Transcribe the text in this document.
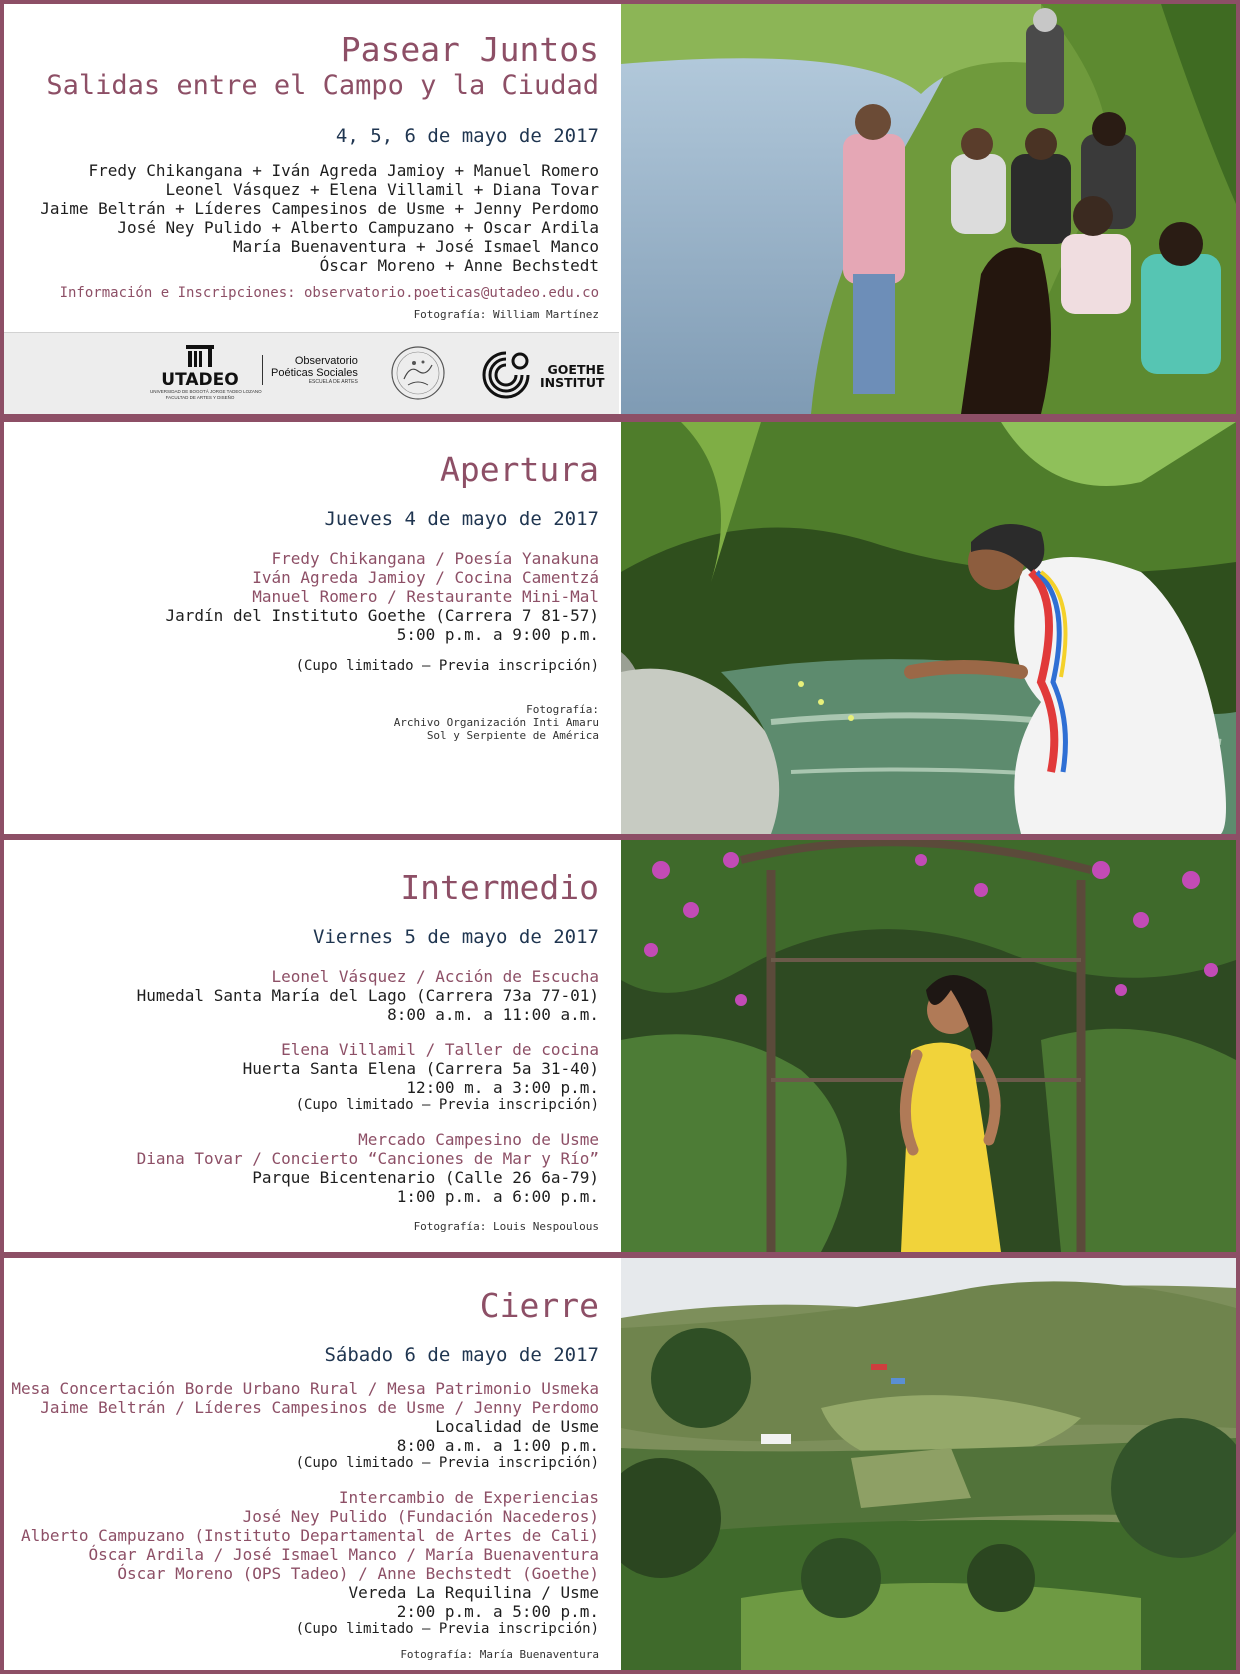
Pasear Juntos
Salidas entre el Campo y la Ciudad
4, 5, 6 de mayo de 2017
Fredy Chikangana + Iván Agreda Jamioy + Manuel Romero
Leonel Vásquez + Elena Villamil + Diana Tovar
Jaime Beltrán + Líderes Campesinos de Usme + Jenny Perdomo
José Ney Pulido + Alberto Campuzano + Oscar Ardila
María Buenaventura + José Ismael Manco
Óscar Moreno + Anne Bechstedt
Información e Inscripciones: observatorio.poeticas@utadeo.edu.co
Fotografía: William Martínez
UTADEO
UNIVERSIDAD DE BOGOTÁ JORGE TADEO LOZANO
FACULTAD DE ARTES Y DISEÑO
Observatorio
Poéticas Sociales
ESCUELA DE ARTES
GOETHE
INSTITUT
Apertura
Jueves 4 de mayo de 2017
Fredy Chikangana / Poesía Yanakuna
Iván Agreda Jamioy / Cocina Camentzá
Manuel Romero / Restaurante Mini-Mal
Jardín del Instituto Goethe (Carrera 7 81-57)
5:00 p.m. a 9:00 p.m.
(Cupo limitado – Previa inscripción)
Fotografía:
Archivo Organización Inti Amaru
Sol y Serpiente de América
Intermedio
Viernes 5 de mayo de 2017
Leonel Vásquez / Acción de Escucha
Humedal Santa María del Lago (Carrera 73a 77-01)
8:00 a.m. a 11:00 a.m.
Elena Villamil / Taller de cocina
Huerta Santa Elena (Carrera 5a 31-40)
12:00 m. a 3:00 p.m.
(Cupo limitado – Previa inscripción)
Mercado Campesino de Usme
Diana Tovar / Concierto “Canciones de Mar y Río”
Parque Bicentenario (Calle 26 6a-79)
1:00 p.m. a 6:00 p.m.
Fotografía: Louis Nespoulous
Cierre
Sábado 6 de mayo de 2017
Mesa Concertación Borde Urbano Rural / Mesa Patrimonio Usmeka
Jaime Beltrán / Líderes Campesinos de Usme / Jenny Perdomo
Localidad de Usme
8:00 a.m. a 1:00 p.m.
(Cupo limitado – Previa inscripción)
Intercambio de Experiencias
José Ney Pulido (Fundación Nacederos)
Alberto Campuzano (Instituto Departamental de Artes de Cali)
Óscar Ardila / José Ismael Manco / María Buenaventura
Óscar Moreno (OPS Tadeo) / Anne Bechstedt (Goethe)
Vereda La Requilina / Usme
2:00 p.m. a 5:00 p.m.
(Cupo limitado – Previa inscripción)
Fotografía: María Buenaventura
